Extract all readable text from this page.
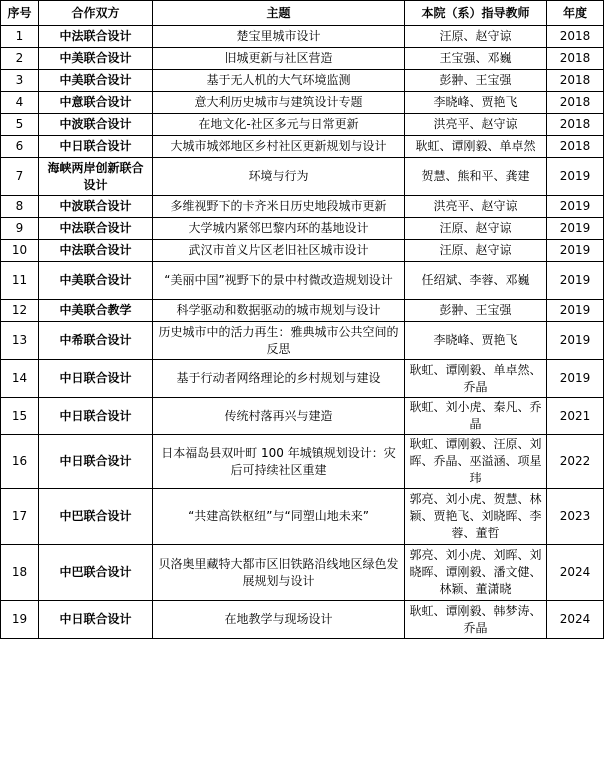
序号	合作双方	主题	本院（系）指导教师	年度
1	中法联合设计	楚宝里城市设计	汪原、赵守谅	2018
2	中美联合设计	旧城更新与社区营造	王宝强、邓巍	2018
3	中美联合设计	基于无人机的大气环境监测	彭翀、王宝强	2018
4	中意联合设计	意大利历史城市与建筑设计专题	李晓峰、贾艳飞	2018
5	中波联合设计	在地文化-社区多元与日常更新	洪亮平、赵守谅	2018
6	中日联合设计	大城市城郊地区乡村社区更新规划与设计	耿虹、谭刚毅、单卓然	2018
7	海峡两岸创新联合设计	环境与行为	贺慧、熊和平、龚建	2019
8	中波联合设计	多维视野下的卡齐米日历史地段城市更新	洪亮平、赵守谅	2019
9	中法联合设计	大学城内紧邻巴黎内环的基地设计	汪原、赵守谅	2019
10	中法联合设计	武汉市首义片区老旧社区城市设计	汪原、赵守谅	2019
11	中美联合设计	“美丽中国”视野下的景中村微改造规划设计	任绍斌、李蓉、邓巍	2019
12	中美联合教学	科学驱动和数据驱动的城市规划与设计	彭翀、王宝强	2019
13	中希联合设计	历史城市中的活力再生：雅典城市公共空间的反思	李晓峰、贾艳飞	2019
14	中日联合设计	基于行动者网络理论的乡村规划与建设	耿虹、谭刚毅、单卓然、乔晶	2019
15	中日联合设计	传统村落再兴与建造	耿虹、刘小虎、秦凡、乔晶	2021
16	中日联合设计	日本福岛县双叶町 100 年城镇规划设计：灾后可持续社区重建	耿虹、谭刚毅、汪原、刘晖、乔晶、巫溢涵、项星玮	2022
17	中巴联合设计	“共建高铁枢纽”与“同塑山地未来”	郭亮、刘小虎、贺慧、林颖、贾艳飞、刘晓晖、李蓉、董哲	2023
18	中巴联合设计	贝洛奥里藏特大都市区旧铁路沿线地区绿色发展规划与设计	郭亮、刘小虎、刘晖、刘晓晖、谭刚毅、潘文健、林颖、董潇晓	2024
19	中日联合设计	在地教学与现场设计	耿虹、谭刚毅、韩梦涛、乔晶	2024
